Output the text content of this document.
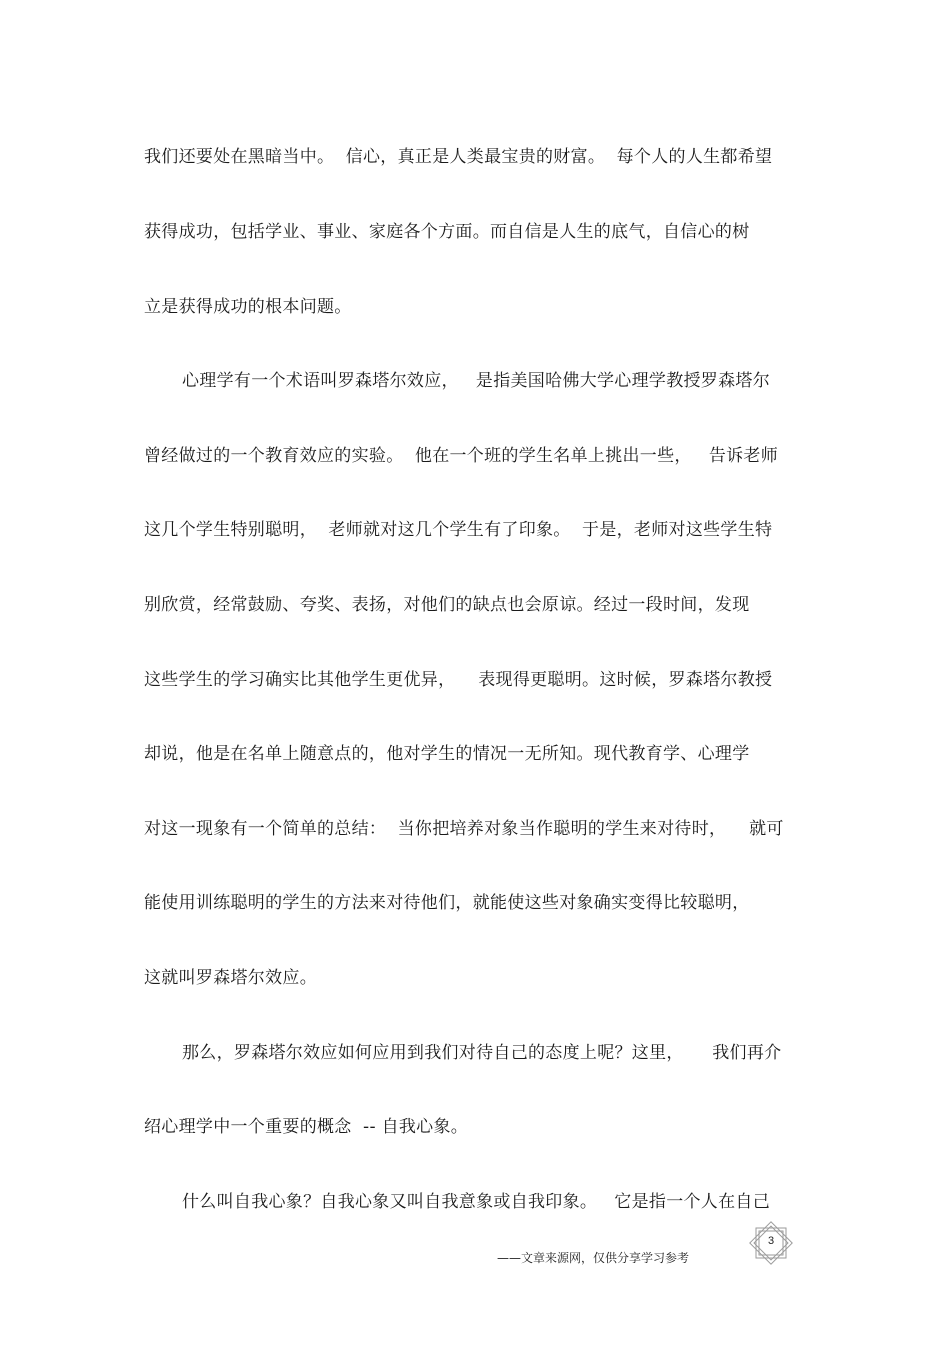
我们还要处在黑暗当中。  信心，真正是人类最宝贵的财富。  每个人的人生都希望
获得成功，包括学业、事业、家庭各个方面。而自信是人生的底气，自信心的树
立是获得成功的根本问题。
心理学有一个术语叫罗森塔尔效应，   是指美国哈佛大学心理学教授罗森塔尔
曾经做过的一个教育效应的实验。  他在一个班的学生名单上挑出一些，   告诉老师
这几个学生特别聪明，  老师就对这几个学生有了印象。  于是，老师对这些学生特
别欣赏，经常鼓励、夸奖、表扬，对他们的缺点也会原谅。经过一段时间，发现
这些学生的学习确实比其他学生更优异，    表现得更聪明。这时候，罗森塔尔教授
却说，他是在名单上随意点的，他对学生的情况一无所知。现代教育学、心理学
对这一现象有一个简单的总结：  当你把培养对象当作聪明的学生来对待时，    就可
能使用训练聪明的学生的方法来对待他们，就能使这些对象确实变得比较聪明，
这就叫罗森塔尔效应。
那么，罗森塔尔效应如何应用到我们对待自己的态度上呢？这里，     我们再介
绍心理学中一个重要的概念  -- 自我心象。
什么叫自我心象？自我心象又叫自我意象或自我印象。   它是指一个人在自己
——文章来源网，仅供分享学习参考
3
